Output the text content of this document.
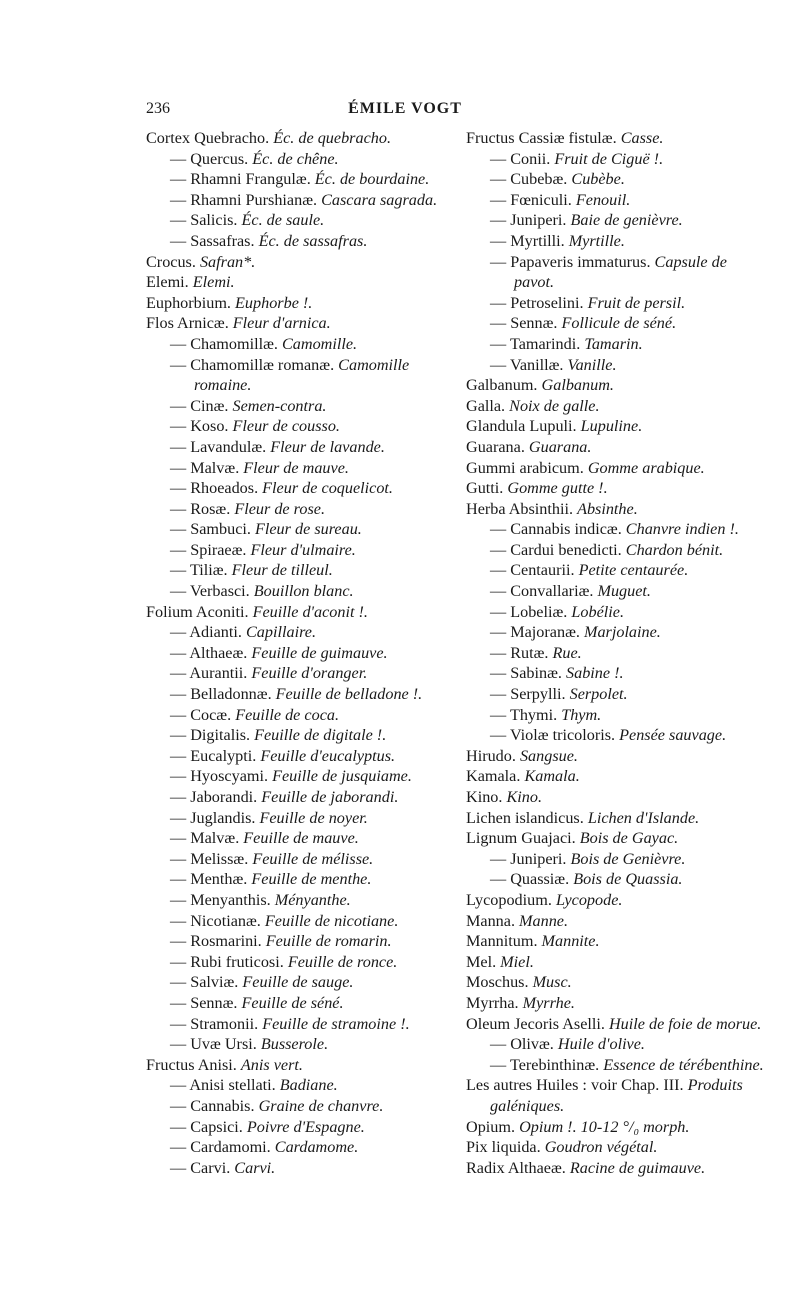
236	ÉMILE VOGT

Cortex Quebracho. Éc. de quebracho.

— Quercus. Éc. de chêne.

— Rhamni Frangulæ. Éc. de bourdaine.

— Rhamni Purshianæ. Cascara sagrada.

— Salicis. Éc. de saule.

— Sassafras. Éc. de sassafras.

Crocus. Safran*.

Elemi. Elemi.

Euphorbium. Euphorbe !.

Flos Arnicæ. Fleur d'arnica.

— Chamomillæ. Camomille.

— Chamomillæ romanæ. Camomille romaine.

— Cinæ. Semen-contra.

— Koso. Fleur de cousso.

— Lavandulæ. Fleur de lavande.

— Malvæ. Fleur de mauve.

— Rhoeados. Fleur de coquelicot.

— Rosæ. Fleur de rose.

— Sambuci. Fleur de sureau.

— Spiraeæ. Fleur d'ulmaire.

— Tiliæ. Fleur de tilleul.

— Verbasci. Bouillon blanc.

Folium Aconiti. Feuille d'aconit !.

— Adianti. Capillaire.

— Althaeæ. Feuille de guimauve.

— Aurantii. Feuille d'oranger.

— Belladonnæ. Feuille de belladone !.

— Cocæ. Feuille de coca.

— Digitalis. Feuille de digitale !.

— Eucalypti. Feuille d'eucalyptus.

— Hyoscyami. Feuille de jusquiame.

— Jaborandi. Feuille de jaborandi.

— Juglandis. Feuille de noyer.

— Malvæ. Feuille de mauve.

— Melissæ. Feuille de mélisse.

— Menthæ. Feuille de menthe.

— Menyanthis. Ményanthe.

— Nicotianæ. Feuille de nicotiane.

— Rosmarini. Feuille de romarin.

— Rubi fruticosi. Feuille de ronce.

— Salviæ. Feuille de sauge.

— Sennæ. Feuille de séné.

— Stramonii. Feuille de stramoine !.

— Uvæ Ursi. Busserole.

Fructus Anisi. Anis vert.

— Anisi stellati. Badiane.

— Cannabis. Graine de chanvre.

— Capsici. Poivre d'Espagne.

— Cardamomi. Cardamome.

— Carvi. Carvi.

Fructus Cassiæ fistulæ. Casse.

— Conii. Fruit de Ciguë !.

— Cubebæ. Cubèbe.

— Fœniculi. Fenouil.

— Juniperi. Baie de genièvre.

— Myrtilli. Myrtille.

— Papaveris immaturus. Capsule de pavot.

— Petroselini. Fruit de persil.

— Sennæ. Follicule de séné.

— Tamarindi. Tamarin.

— Vanillæ. Vanille.

Galbanum. Galbanum.

Galla. Noix de galle.

Glandula Lupuli. Lupuline.

Guarana. Guarana.

Gummi arabicum. Gomme arabique.

Gutti. Gomme gutte !.

Herba Absinthii. Absinthe.

— Cannabis indicæ. Chanvre indien !.

— Cardui benedicti. Chardon bénit.

— Centaurii. Petite centaurée.

— Convallariæ. Muguet.

— Lobeliæ. Lobélie.

— Majoranæ. Marjolaine.

— Rutæ. Rue.

— Sabinæ. Sabine !.

— Serpylli. Serpolet.

— Thymi. Thym.

— Violæ tricoloris. Pensée sauvage.

Hirudo. Sangsue.

Kamala. Kamala.

Kino. Kino.

Lichen islandicus. Lichen d'Islande.

Lignum Guajaci. Bois de Gayac.

— Juniperi. Bois de Genièvre.

— Quassiæ. Bois de Quassia.

Lycopodium. Lycopode.

Manna. Manne.

Mannitum. Mannite.

Mel. Miel.

Moschus. Musc.

Myrrha. Myrrhe.

Oleum Jecoris Aselli. Huile de foie de morue.

— Olivæ. Huile d'olive.

— Terebinthinæ. Essence de térébenthine.

Les autres Huiles : voir Chap. III. Produits galéniques.

Opium. Opium !. 10-12 °/₀ morph.

Pix liquida. Goudron végétal.

Radix Althaeæ. Racine de guimauve.
